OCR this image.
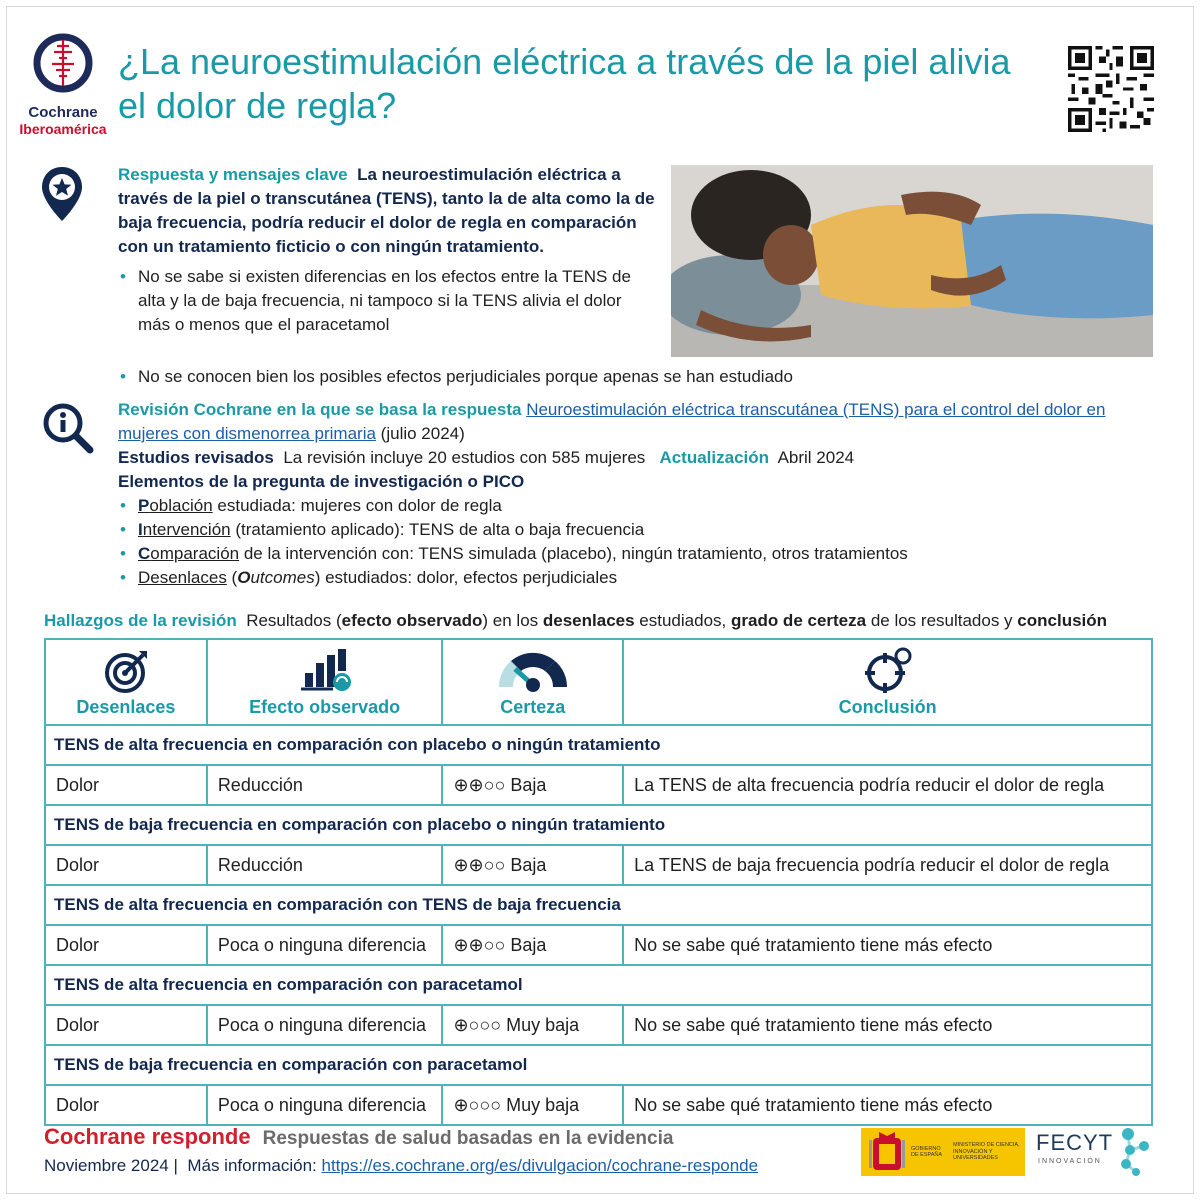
Cochrane
Iberoamérica
¿La neuroestimulación eléctrica a través de la piel alivia el dolor de regla?
Respuesta y mensajes clave La neuroestimulación eléctrica a través de la piel o transcutánea (TENS), tanto la de alta como la de baja frecuencia, podría reducir el dolor de regla en comparación con un tratamiento ficticio o con ningún tratamiento.
• No se sabe si existen diferencias en los efectos entre la TENS de alta y la de baja frecuencia, ni tampoco si la TENS alivia el dolor más o menos que el paracetamol
• No se conocen bien los posibles efectos perjudiciales porque apenas se han estudiado
Revisión Cochrane en la que se basa la respuesta Neuroestimulación eléctrica transcutánea (TENS) para el control del dolor en mujeres con dismenorrea primaria (julio 2024)
Estudios revisados La revisión incluye 20 estudios con 585 mujeres Actualización Abril 2024
Elementos de la pregunta de investigación o PICO
• Población estudiada: mujeres con dolor de regla
• Intervención (tratamiento aplicado): TENS de alta o baja frecuencia
• Comparación de la intervención con: TENS simulada (placebo), ningún tratamiento, otros tratamientos
• Desenlaces (Outcomes) estudiados: dolor, efectos perjudiciales
Hallazgos de la revisión Resultados (efecto observado) en los desenlaces estudiados, grado de certeza de los resultados y conclusión
Desenlaces	Efecto observado	Certeza	Conclusión
TENS de alta frecuencia en comparación con placebo o ningún tratamiento			
Dolor	Reducción	⊕⊕○○ Baja	La TENS de alta frecuencia podría reducir el dolor de regla
TENS de baja frecuencia en comparación con placebo o ningún tratamiento			
Dolor	Reducción	⊕⊕○○ Baja	La TENS de baja frecuencia podría reducir el dolor de regla
TENS de alta frecuencia en comparación con TENS de baja frecuencia			
Dolor	Poca o ninguna diferencia	⊕⊕○○ Baja	No se sabe qué tratamiento tiene más efecto
TENS de alta frecuencia en comparación con paracetamol			
Dolor	Poca o ninguna diferencia	⊕○○○ Muy baja	No se sabe qué tratamiento tiene más efecto
TENS de baja frecuencia en comparación con paracetamol			
Dolor	Poca o ninguna diferencia	⊕○○○ Muy baja	No se sabe qué tratamiento tiene más efecto
Cochrane responde Respuestas de salud basadas en la evidencia
Noviembre 2024 | Más información: https://es.cochrane.org/es/divulgacion/cochrane-responde
GOBIERNO DE ESPAÑA
MINISTERIO DE CIENCIA, INNOVACIÓN Y UNIVERSIDADES
FECYT
INNOVACIÓN
